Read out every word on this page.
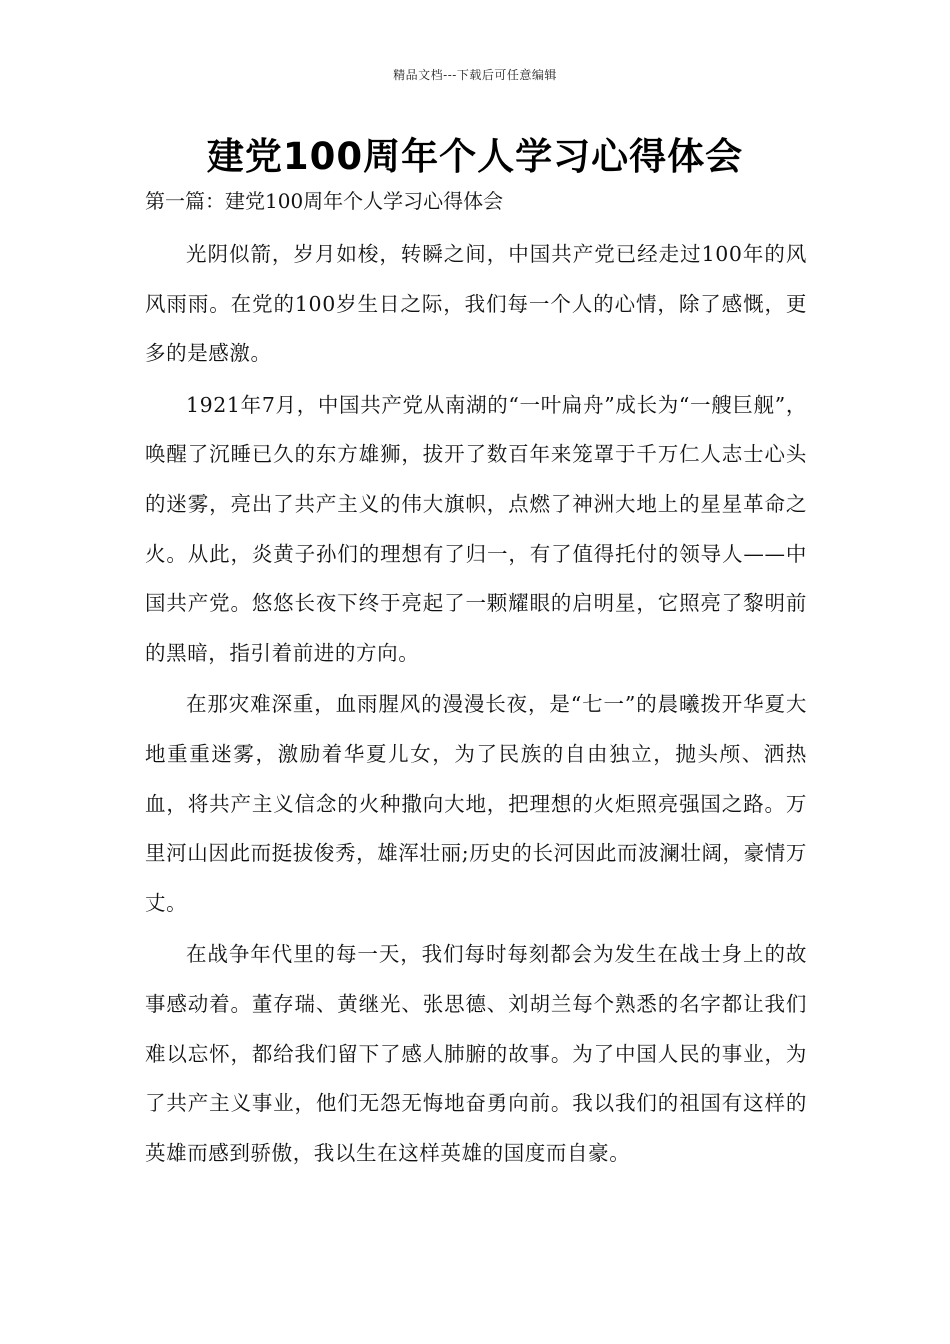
精品文档---下载后可任意编辑
建党100周年个人学习心得体会

第一篇：建党100周年个人学习心得体会

光阴似箭，岁月如梭，转瞬之间，中国共产党已经走过100年的风风雨雨。在党的100岁生日之际，我们每一个人的心情，除了感慨，更多的是感激。

1921年7月，中国共产党从南湖的“一叶扁舟”成长为“一艘巨舰”，唤醒了沉睡已久的东方雄狮，拔开了数百年来笼罩于千万仁人志士心头的迷雾，亮出了共产主义的伟大旗帜，点燃了神洲大地上的星星革命之火。从此，炎黄子孙们的理想有了归一，有了值得托付的领导人——中国共产党。悠悠长夜下终于亮起了一颗耀眼的启明星，它照亮了黎明前的黑暗，指引着前进的方向。

在那灾难深重，血雨腥风的漫漫长夜，是“七一”的晨曦拨开华夏大地重重迷雾，激励着华夏儿女，为了民族的自由独立，抛头颅、洒热血，将共产主义信念的火种撒向大地，把理想的火炬照亮强国之路。万里河山因此而挺拔俊秀，雄浑壮丽;历史的长河因此而波澜壮阔，豪情万丈。

在战争年代里的每一天，我们每时每刻都会为发生在战士身上的故事感动着。董存瑞、黄继光、张思德、刘胡兰每个熟悉的名字都让我们难以忘怀，都给我们留下了感人肺腑的故事。为了中国人民的事业，为了共产主义事业，他们无怨无悔地奋勇向前。我以我们的祖国有这样的英雄而感到骄傲，我以生在这样英雄的国度而自豪。
